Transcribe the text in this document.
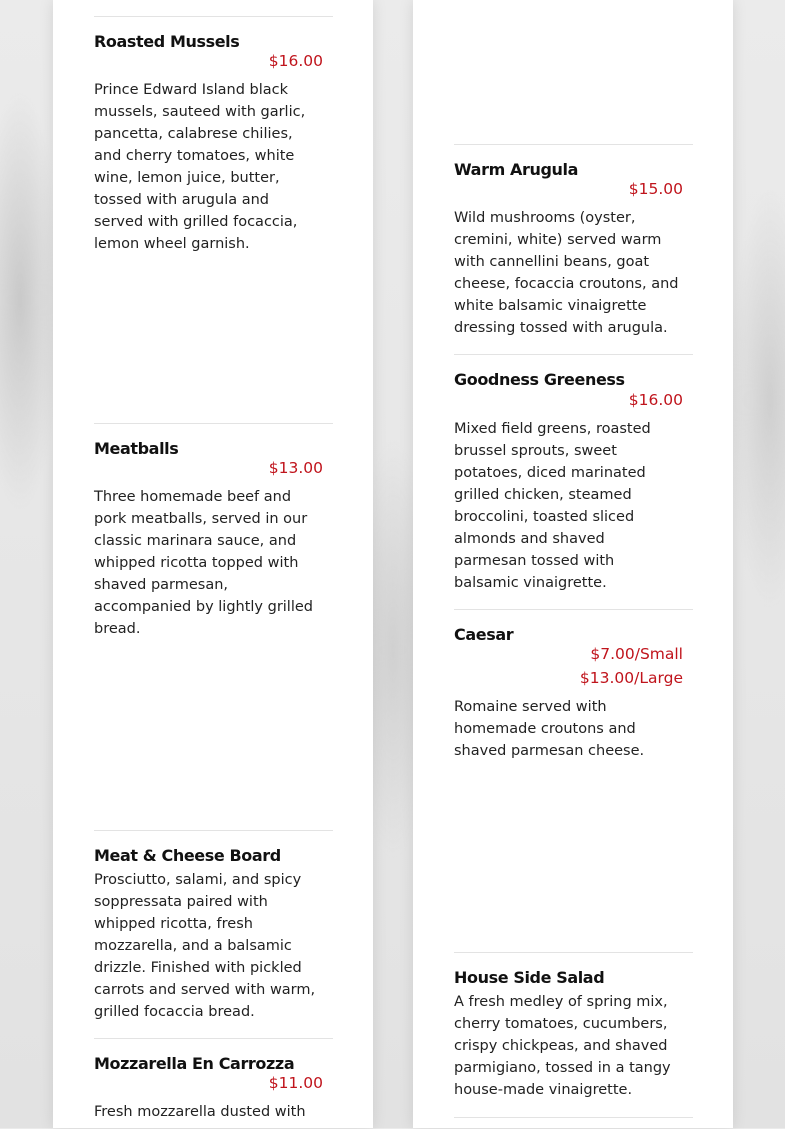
Roasted Mussels
$16.00
Prince Edward Island black mussels, sauteed with garlic, pancetta, calabrese chilies, and cherry tomatoes, white wine, lemon juice, butter, tossed with arugula and served with grilled focaccia, lemon wheel garnish.
Meatballs
$13.00
Three homemade beef and pork meatballs, served in our classic marinara sauce, and whipped ricotta topped with shaved parmesan, accompanied by lightly grilled bread.
Meat & Cheese Board
Prosciutto, salami, and spicy soppressata paired with whipped ricotta, fresh mozzarella, and a balsamic drizzle. Finished with pickled carrots and served with warm, grilled focaccia bread.
Mozzarella En Carrozza
$11.00
Fresh mozzarella dusted with
Warm Arugula
$15.00
Wild mushrooms (oyster, cremini, white) served warm with cannellini beans, goat cheese, focaccia croutons, and white balsamic vinaigrette dressing tossed with arugula.
Goodness Greeness
$16.00
Mixed field greens, roasted brussel sprouts, sweet potatoes, diced marinated grilled chicken, steamed broccolini, toasted sliced almonds and shaved parmesan tossed with balsamic vinaigrette.
Caesar
$7.00/Small
$13.00/Large
Romaine served with homemade croutons and shaved parmesan cheese.
House Side Salad
A fresh medley of spring mix, cherry tomatoes, cucumbers, crispy chickpeas, and shaved parmigiano, tossed in a tangy house-made vinaigrette.
